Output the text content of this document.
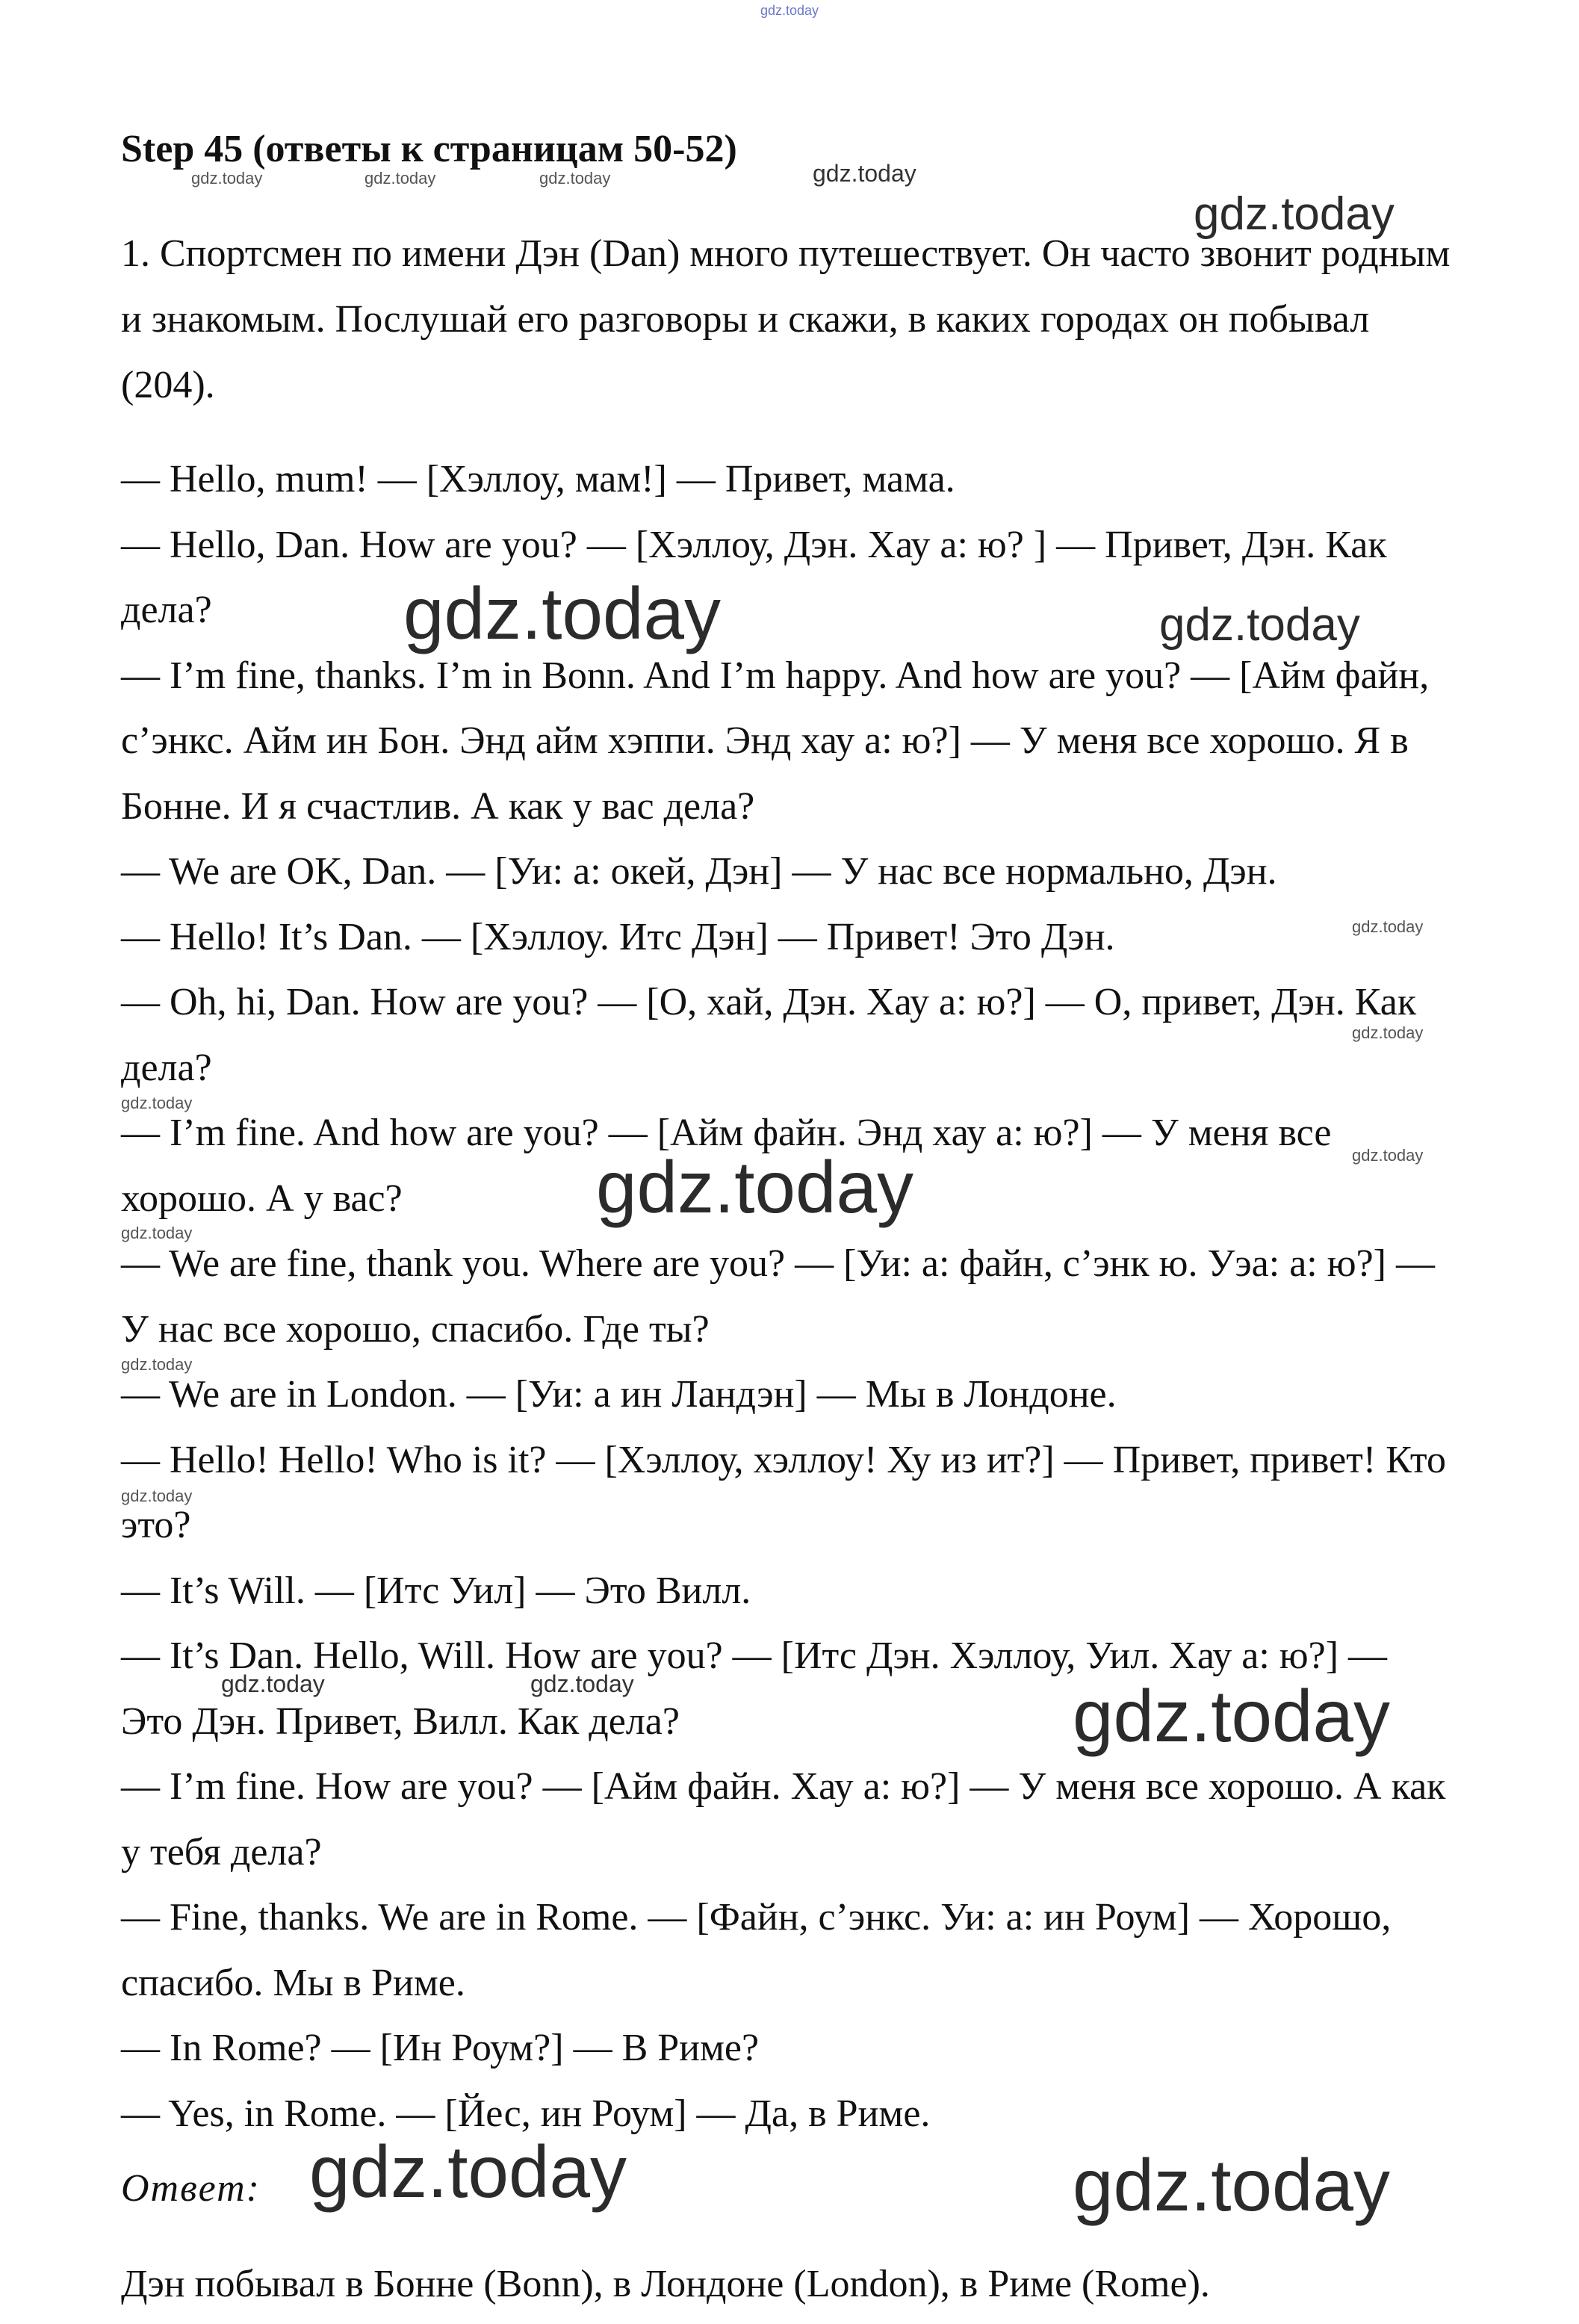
gdz.today
Step 45 (ответы к страницам 50-52)
1. Спортсмен по имени Дэн (Dan) много путешествует. Он часто звонит родным и знакомым. Послушай его разговоры и скажи, в каких городах он побывал (204).
— Hello, mum! — [Хэллоу, мам!] — Привет, мама.
— Hello, Dan. How are you? — [Хэллоу, Дэн. Хау а: ю? ] — Привет, Дэн. Как дела?
— I’m fine, thanks. I’m in Bonn. And I’m happy. And how are you? — [Айм файн, с’энкс. Айм ин Бон. Энд айм хэппи. Энд хау а: ю?] — У меня все хорошо. Я в Бонне. И я счастлив. А как у вас дела?
— We are OK, Dan. — [Уи: а: окей, Дэн] — У нас все нормально, Дэн.
— Hello! It’s Dan. — [Хэллоу. Итс Дэн] — Привет! Это Дэн.
— Oh, hi, Dan. How are you? — [О, хай, Дэн. Хау а: ю?] — О, привет, Дэн. Как дела?
— I’m fine. And how are you? — [Айм файн. Энд хау а: ю?] — У меня все хорошо. А у вас?
— We are fine, thank you. Where are you? — [Уи: а: файн, с’энк ю. Уэа: а: ю?] — У нас все хорошо, спасибо. Где ты?
— We are in London. — [Уи: а ин Ландэн] — Мы в Лондоне.
— Hello! Hello! Who is it? — [Хэллоу, хэллоу! Ху из ит?] — Привет, привет! Кто это?
— It’s Will. — [Итс Уил] — Это Вилл.
— It’s Dan. Hello, Will. How are you? — [Итс Дэн. Хэллоу, Уил. Хау а: ю?] — Это Дэн. Привет, Вилл. Как дела?
— I’m fine. How are you? — [Айм файн. Хау а: ю?] — У меня все хорошо. А как у тебя дела?
— Fine, thanks. We are in Rome. — [Файн, с’энкс. Уи: а: ин Роум] — Хорошо, спасибо. Мы в Риме.
— In Rome? — [Ин Роум?] — В Риме?
— Yes, in Rome. — [Йес, ин Роум] — Да, в Риме.
Ответ:
Дэн побывал в Бонне (Bonn), в Лондоне (London), в Риме (Rome).
gdz.today	gdz.today	gdz.today	gdz.today
gdz.today
gdz.today	gdz.today
gdz.today
gdz.today
gdz.today
gdz.today
gdz.today
gdz.today
gdz.today
gdz.today
gdz.today	gdz.today	gdz.today
gdz.today	gdz.today
